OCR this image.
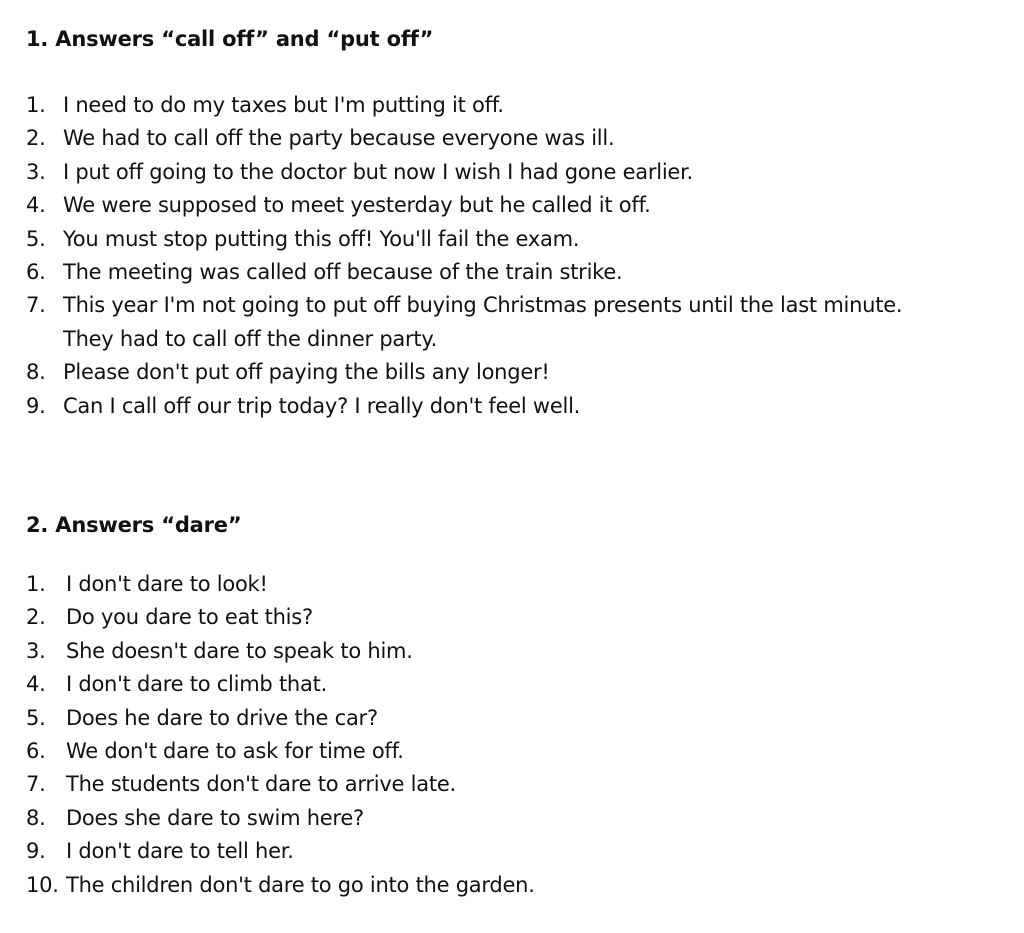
1. Answers “call off” and “put off”
1. I need to do my taxes but I'm putting it off.
2. We had to call off the party because everyone was ill.
3. I put off going to the doctor but now I wish I had gone earlier.
4. We were supposed to meet yesterday but he called it off.
5. You must stop putting this off! You'll fail the exam.
6. The meeting was called off because of the train strike.
7. This year I'm not going to put off buying Christmas presents until the last minute.
They had to call off the dinner party.
8. Please don't put off paying the bills any longer!
9. Can I call off our trip today? I really don't feel well.
2. Answers “dare”
1. I don't dare to look!
2. Do you dare to eat this?
3. She doesn't dare to speak to him.
4. I don't dare to climb that.
5. Does he dare to drive the car?
6. We don't dare to ask for time off.
7. The students don't dare to arrive late.
8. Does she dare to swim here?
9. I don't dare to tell her.
10. The children don't dare to go into the garden.
